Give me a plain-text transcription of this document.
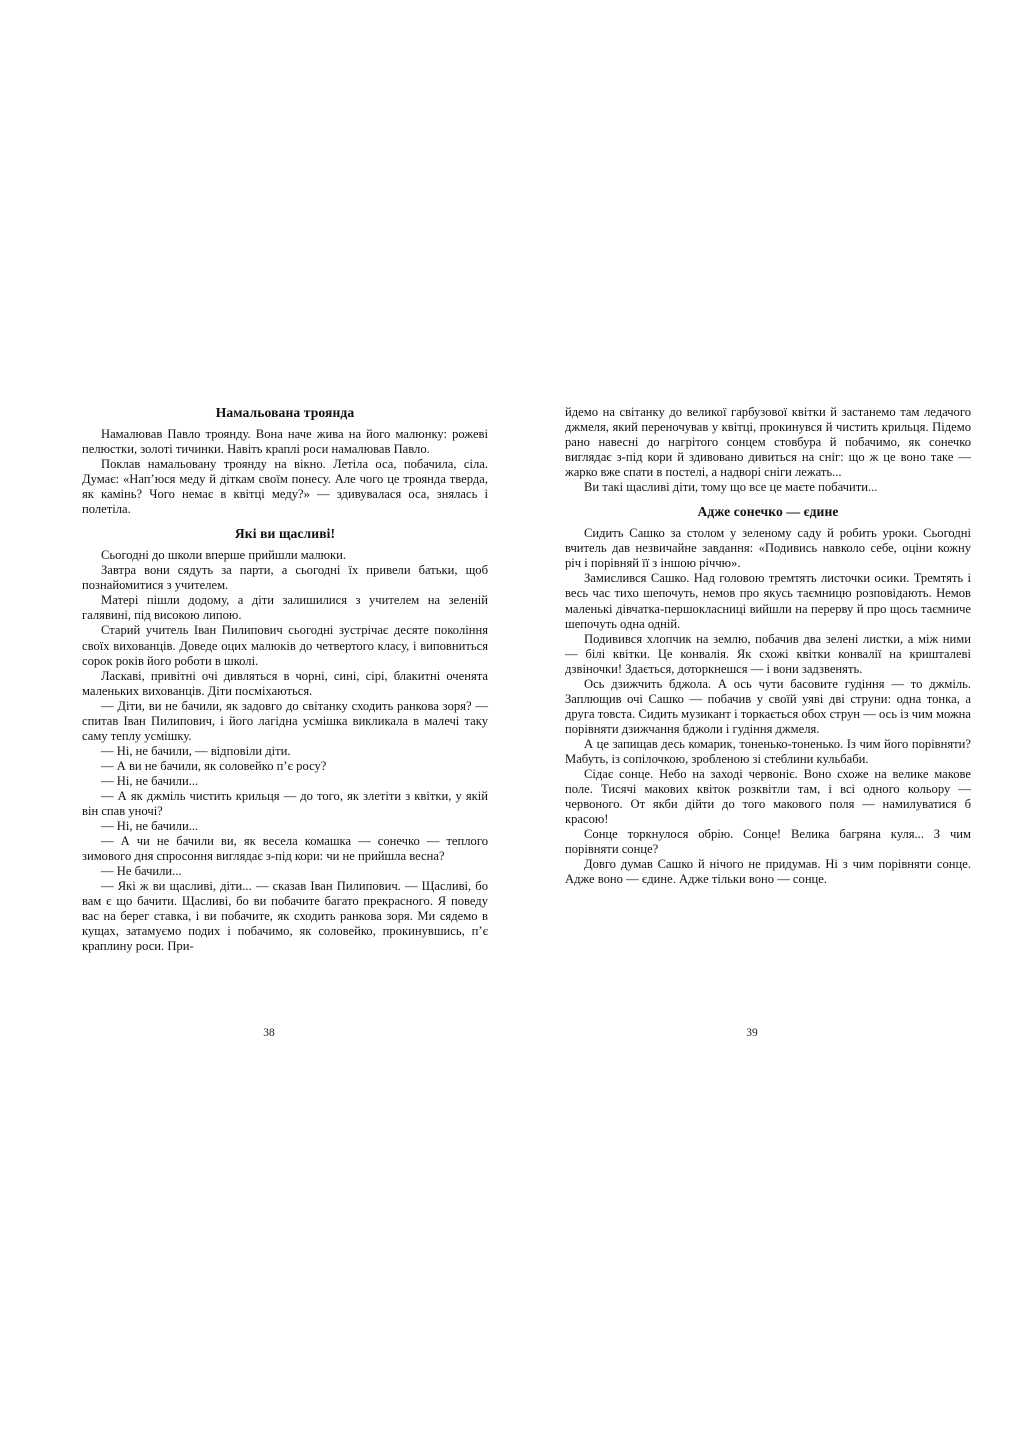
Намальована троянда

Намалював Павло троянду. Вона наче жива на його малюнку: рожеві пелюстки, золоті тичинки. Навіть краплі роси намалював Павло.

Поклав намальовану троянду на вікно. Летіла оса, побачила, сіла. Думає: «Нап’юся меду й діткам своїм понесу. Але чого це троянда тверда, як камінь? Чого немає в квітці меду?» — здивувалася оса, знялась і полетіла.

Які ви щасливі!

Сьогодні до школи вперше прийшли малюки.

Завтра вони сядуть за парти, а сьогодні їх привели батьки, щоб познайомитися з учителем.

Матері пішли додому, а діти залишилися з учителем на зеленій галявині, під високою липою.

Старий учитель Іван Пилипович сьогодні зустрічає десяте покоління своїх вихованців. Доведе оцих малюків до четвертого класу, і виповниться сорок років його роботи в школі.

Ласкаві, привітні очі дивляться в чорні, сині, сірі, блакитні оченята маленьких вихованців. Діти посміхаються.

— Діти, ви не бачили, як задовго до світанку сходить ранкова зоря? — спитав Іван Пилипович, і його лагідна усмішка викликала в малечі таку саму теплу усмішку.

— Ні, не бачили, — відповіли діти.

— А ви не бачили, як соловейко п’є росу?

— Ні, не бачили...

— А як джміль чистить крильця — до того, як злетіти з квітки, у якій він спав уночі?

— Ні, не бачили...

— А чи не бачили ви, як весела комашка — сонечко — теплого зимового дня спросоння виглядає з-під кори: чи не прийшла весна?

— Не бачили...

— Які ж ви щасливі, діти... — сказав Іван Пилипович. — Щасливі, бо вам є що бачити. Щасливі, бо ви побачите багато прекрасного. Я поведу вас на берег ставка, і ви побачите, як сходить ранкова зоря. Ми сядемо в кущах, затамуємо подих і побачимо, як соловейко, прокинувшись, п’є краплину роси. При-

йдемо на світанку до великої гарбузової квітки й застанемо там ледачого джмеля, який переночував у квітці, прокинувся й чистить крильця. Підемо рано навесні до нагрітого сонцем стовбура й побачимо, як сонечко виглядає з-під кори й здивовано дивиться на сніг: що ж це воно таке — жарко вже спати в постелі, а надворі сніги лежать...

Ви такі щасливі діти, тому що все це маєте побачити...

Адже сонечко — єдине

Сидить Сашко за столом у зеленому саду й робить уроки. Сьогодні вчитель дав незвичайне завдання: «Подивись навколо себе, оціни кожну річ і порівняй її з іншою річчю».

Замислився Сашко. Над головою тремтять листочки осики. Тремтять і весь час тихо шепочуть, немов про якусь таємницю розповідають. Немов маленькі дівчатка-першокласниці вийшли на перерву й про щось таємниче шепочуть одна одній.

Подивився хлопчик на землю, побачив два зелені листки, а між ними — білі квітки. Це конвалія. Як схожі квітки конвалії на кришталеві дзвіночки! Здається, доторкнешся — і вони задзвенять.

Ось дзижчить бджола. А ось чути басовите гудіння — то джміль. Заплющив очі Сашко — побачив у своїй уяві дві струни: одна тонка, а друга товста. Сидить музикант і торкається обох струн — ось із чим можна порівняти дзижчання бджоли і гудіння джмеля.

А це запищав десь комарик, тоненько-тоненько. Із чим його порівняти? Мабуть, із сопілочкою, зробленою зі стеблини кульбаби.

Сідає сонце. Небо на заході червоніє. Воно схоже на велике макове поле. Тисячі макових квіток розквітли там, і всі одного кольору — червоного. От якби дійти до того макового поля — намилуватися б красою!

Сонце торкнулося обрію. Сонце! Велика багряна куля... З чим порівняти сонце?

Довго думав Сашко й нічого не придумав. Ні з чим порівняти сонце. Адже воно — єдине. Адже тільки воно — сонце.

38	39
